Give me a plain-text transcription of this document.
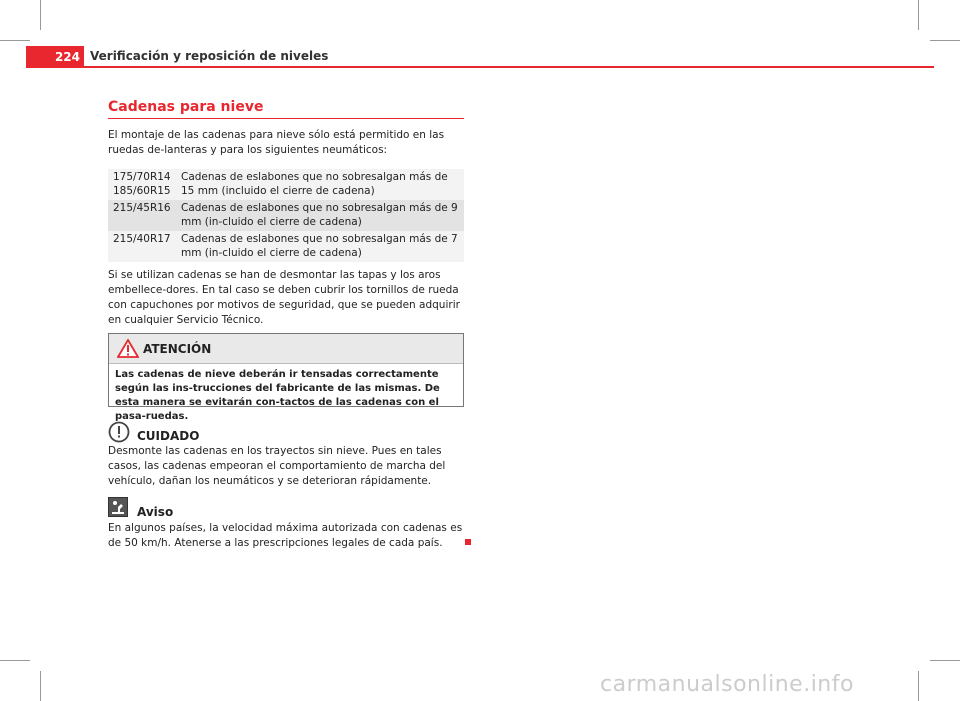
224 Verificación y reposición de niveles
Cadenas para nieve

El montaje de las cadenas para nieve sólo está permitido en las ruedas de-lanteras y para los siguientes neumáticos:

175/70R14 185/60R15	Cadenas de eslabones que no sobresalgan más de 15 mm (incluido el cierre de cadena)
215/45R16	Cadenas de eslabones que no sobresalgan más de 9 mm (in-cluido el cierre de cadena)
215/40R17	Cadenas de eslabones que no sobresalgan más de 7 mm (in-cluido el cierre de cadena)

Si se utilizan cadenas se han de desmontar las tapas y los aros embellece-dores. En tal caso se deben cubrir los tornillos de rueda con capuchones por motivos de seguridad, que se pueden adquirir en cualquier Servicio Técnico.

ATENCIÓN
Las cadenas de nieve deberán ir tensadas correctamente según las ins-trucciones del fabricante de las mismas. De esta manera se evitarán con-tactos de las cadenas con el pasa-ruedas.
CUIDADO

Desmonte las cadenas en los trayectos sin nieve. Pues en tales casos, las cadenas empeoran el comportamiento de marcha del vehículo, dañan los neumáticos y se deterioran rápidamente.

Aviso

En algunos países, la velocidad máxima autorizada con cadenas es de 50 km/h. Atenerse a las prescripciones legales de cada país.

carmanualsonline.info
